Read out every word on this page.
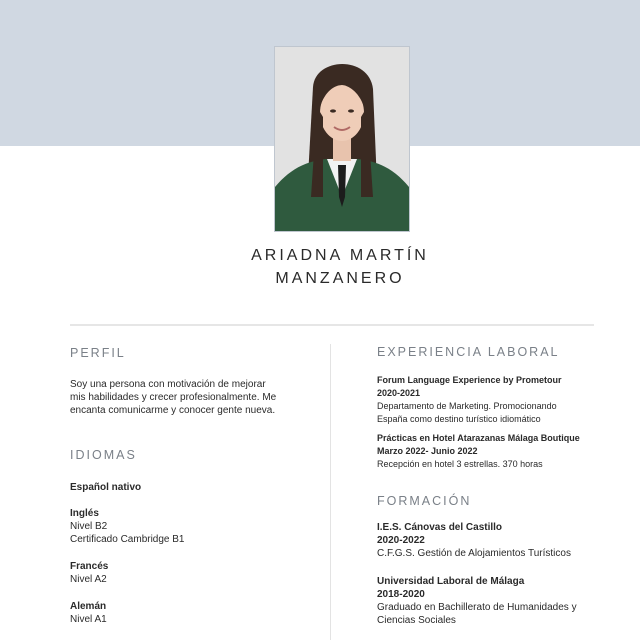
ARIADNA MARTÍN
MANZANERO
PERFIL
Soy una persona con motivación de mejorar
mis habilidades y crecer profesionalmente. Me
encanta comunicarme y conocer gente nueva.
IDIOMAS
Español nativo
Inglés
Nivel B2
Certificado Cambridge B1
Francés
Nivel A2
Alemán
Nivel A1
EXPERIENCIA LABORAL
Forum Language Experience by Prometour
2020-2021
Departamento de Marketing. Promocionando
España como destino turístico idiomático
Prácticas en Hotel Atarazanas Málaga Boutique
Marzo 2022- Junio 2022
Recepción en hotel 3 estrellas. 370 horas
FORMACIÓN
I.E.S. Cánovas del Castillo
2020-2022
C.F.G.S. Gestión de Alojamientos Turísticos
Universidad Laboral de Málaga
2018-2020
Graduado en Bachillerato de Humanidades y
Ciencias Sociales
